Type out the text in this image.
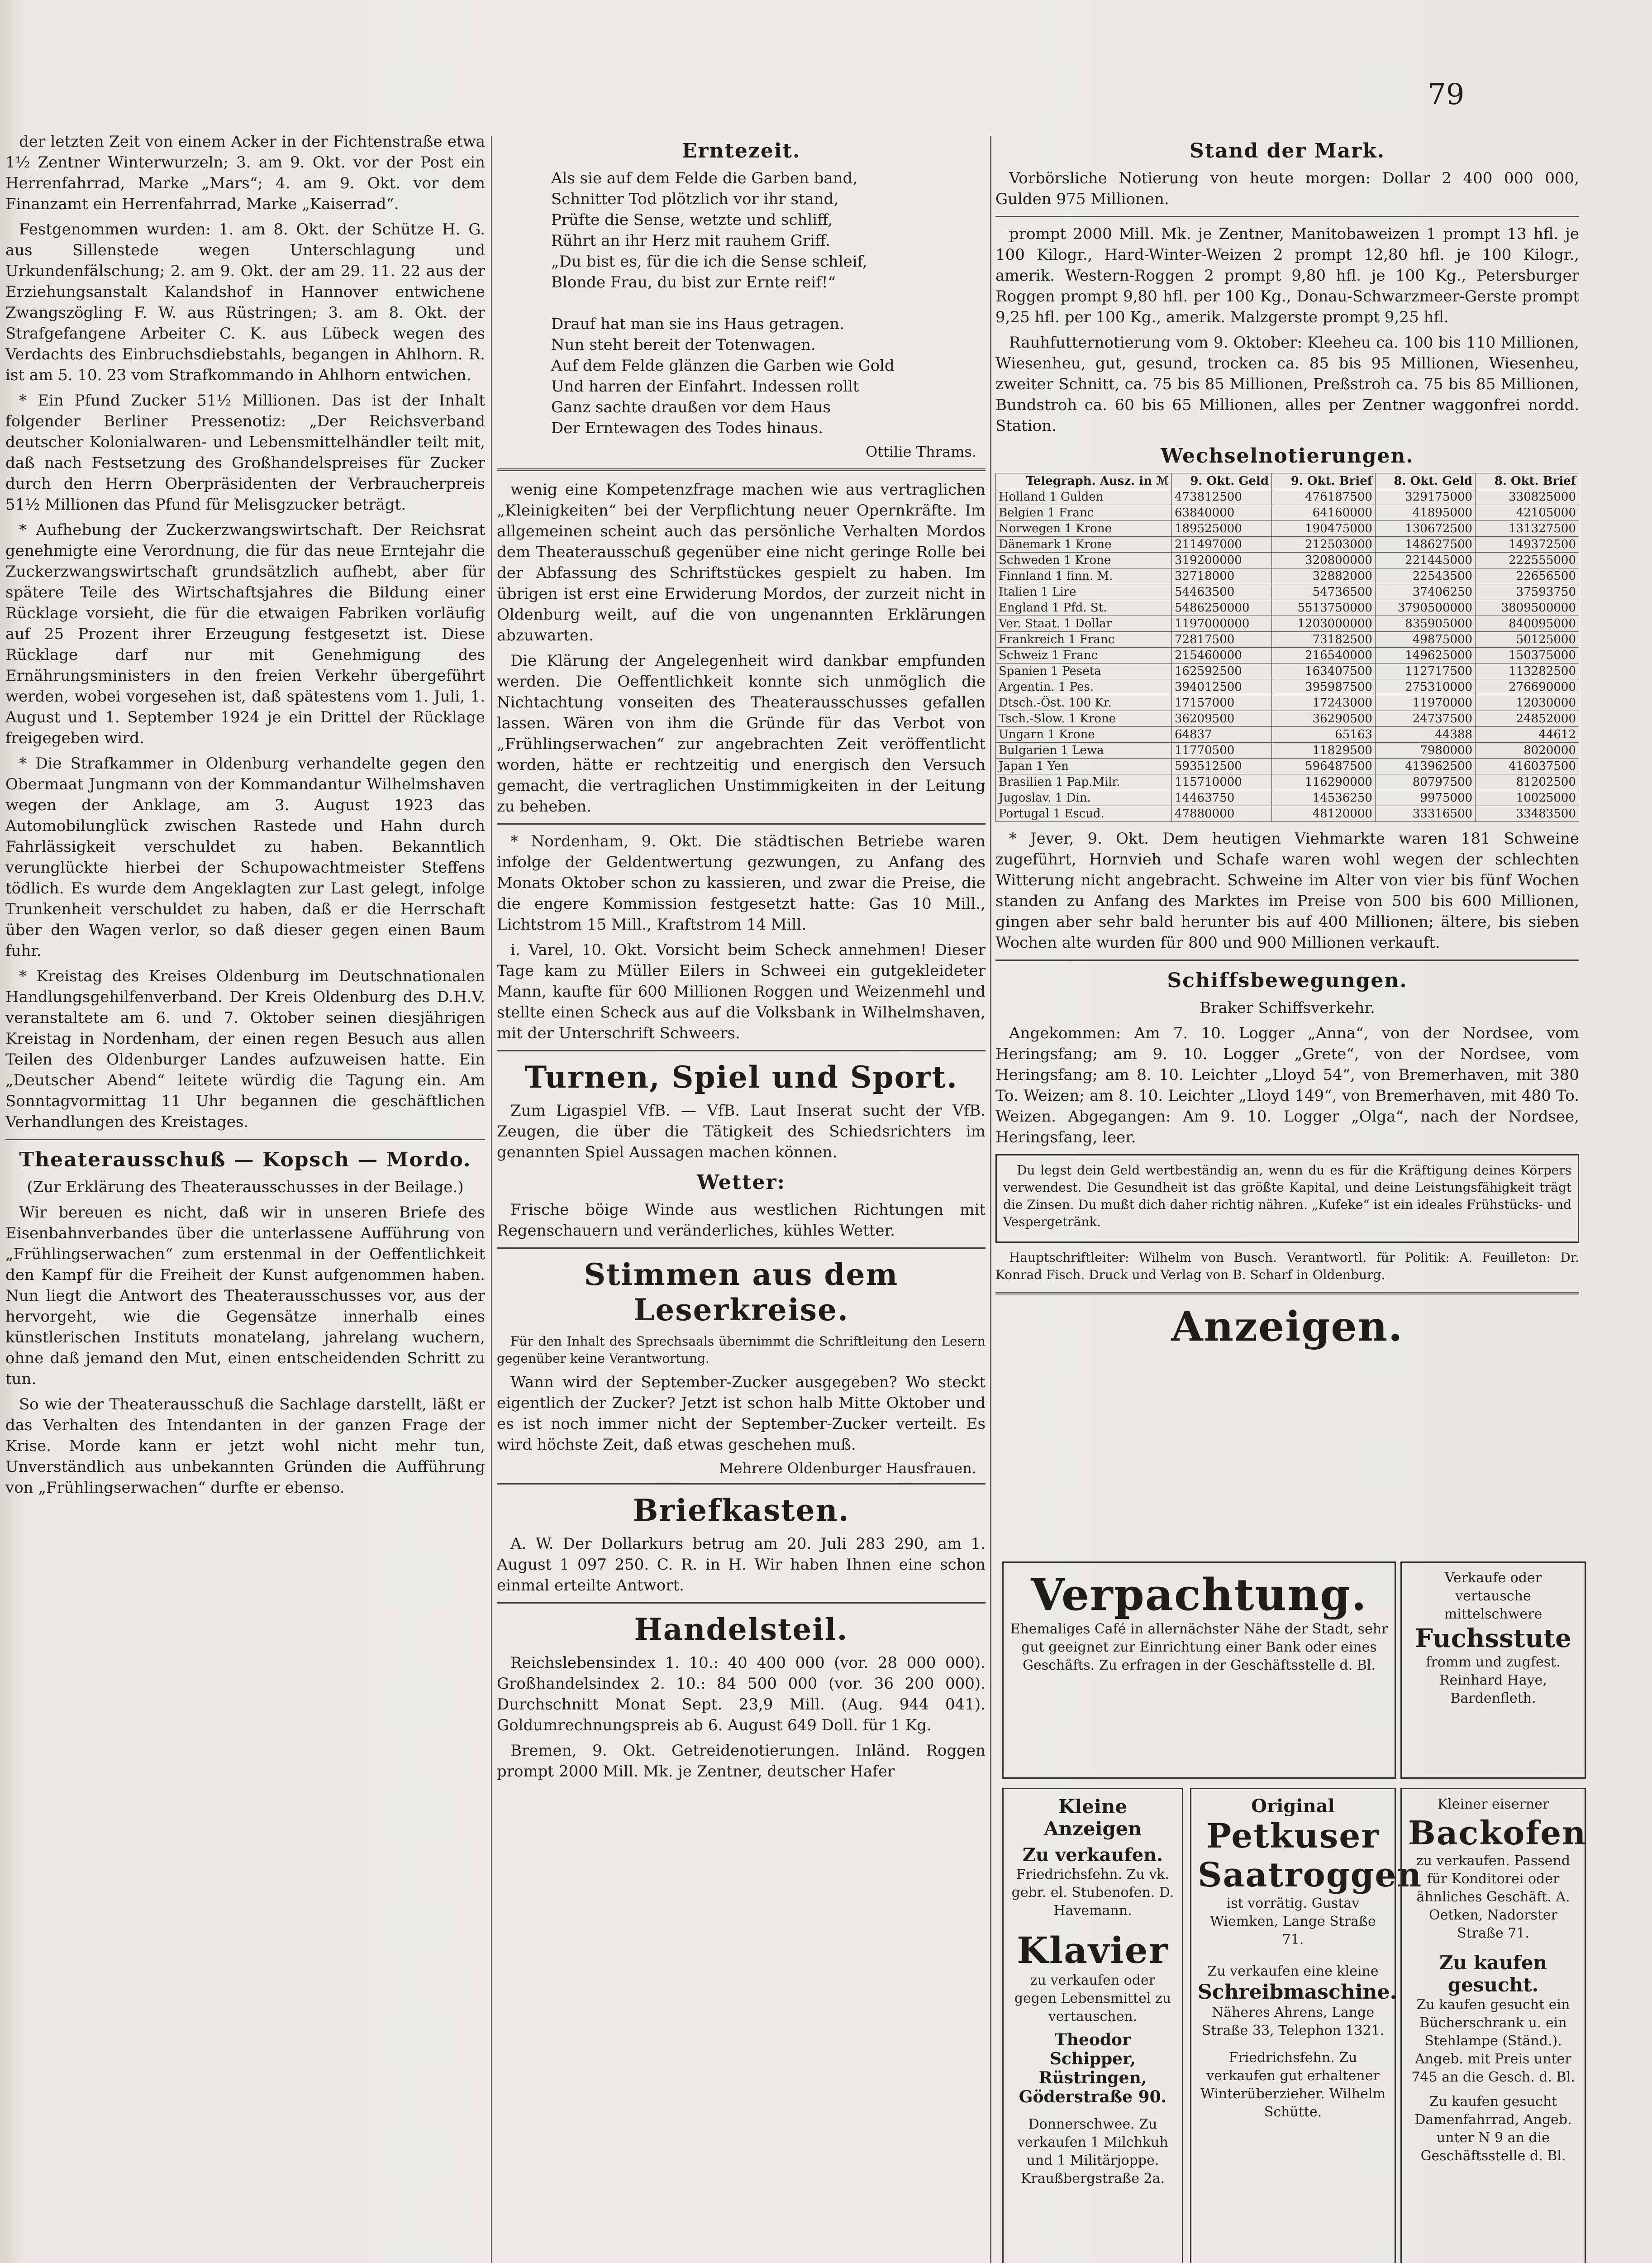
79

der letzten Zeit von einem Acker in der Fichtenstraße etwa 1½ Zentner Winterwurzeln; 3. am 9. Okt. vor der Post ein Herrenfahrrad, Marke „Mars“; 4. am 9. Okt. vor dem Finanzamt ein Herrenfahrrad, Marke „Kaiserrad“.

Festgenommen wurden: 1. am 8. Okt. der Schütze H. G. aus Sillenstede wegen Unterschlagung und Urkundenfälschung; 2. am 9. Okt. der am 29. 11. 22 aus der Erziehungsanstalt Kalandshof in Hannover entwichene Zwangszögling F. W. aus Rüstringen; 3. am 8. Okt. der Strafgefangene Arbeiter C. K. aus Lübeck wegen des Verdachts des Einbruchsdiebstahls, begangen in Ahlhorn. R. ist am 5. 10. 23 vom Strafkommando in Ahlhorn entwichen.

* Ein Pfund Zucker 51½ Millionen. Das ist der Inhalt folgender Berliner Pressenotiz: „Der Reichsverband deutscher Kolonialwaren- und Lebensmittelhändler teilt mit, daß nach Festsetzung des Großhandelspreises für Zucker durch den Herrn Oberpräsidenten der Verbraucherpreis 51½ Millionen das Pfund für Melisgzucker beträgt.

* Aufhebung der Zuckerzwangswirtschaft. Der Reichsrat genehmigte eine Verordnung, die für das neue Erntejahr die Zuckerzwangswirtschaft grundsätzlich aufhebt, aber für spätere Teile des Wirtschaftsjahres die Bildung einer Rücklage vorsieht, die für die etwaigen Fabriken vorläufig auf 25 Prozent ihrer Erzeugung festgesetzt ist. Diese Rücklage darf nur mit Genehmigung des Ernährungsministers in den freien Verkehr übergeführt werden, wobei vorgesehen ist, daß spätestens vom 1. Juli, 1. August und 1. September 1924 je ein Drittel der Rücklage freigegeben wird.

* Die Strafkammer in Oldenburg verhandelte gegen den Obermaat Jungmann von der Kommandantur Wilhelmshaven wegen der Anklage, am 3. August 1923 das Automobilunglück zwischen Rastede und Hahn durch Fahrlässigkeit verschuldet zu haben. Bekanntlich verunglückte hierbei der Schupowachtmeister Steffens tödlich. Es wurde dem Angeklagten zur Last gelegt, infolge Trunkenheit verschuldet zu haben, daß er die Herrschaft über den Wagen verlor, so daß dieser gegen einen Baum fuhr.

* Kreistag des Kreises Oldenburg im Deutschnationalen Handlungsgehilfenverband. Der Kreis Oldenburg des D.H.V. veranstaltete am 6. und 7. Oktober seinen diesjährigen Kreistag in Nordenham, der einen regen Besuch aus allen Teilen des Oldenburger Landes aufzuweisen hatte. Ein „Deutscher Abend“ leitete würdig die Tagung ein. Am Sonntagvormittag 11 Uhr begannen die geschäftlichen Verhandlungen des Kreistages.

Theaterausschuß — Kopsch — Mordo.

(Zur Erklärung des Theaterausschusses in der Beilage.)

Wir bereuen es nicht, daß wir in unseren Briefe des Eisenbahnverbandes über die unterlassene Aufführung von „Frühlingserwachen“ zum erstenmal in der Oeffentlichkeit den Kampf für die Freiheit der Kunst aufgenommen haben. Nun liegt die Antwort des Theaterausschusses vor, aus der hervorgeht, wie die Gegensätze innerhalb eines künstlerischen Instituts monatelang, jahrelang wuchern, ohne daß jemand den Mut, einen entscheidenden Schritt zu tun.

So wie der Theaterausschuß die Sachlage darstellt, läßt er das Verhalten des Intendanten in der ganzen Frage der Krise. Morde kann er jetzt wohl nicht mehr tun, Unverständlich aus unbekannten Gründen die Aufführung von „Frühlingserwachen“ durfte er ebenso.

Erntezeit.
Als sie auf dem Felde die Garben band,
Schnitter Tod plötzlich vor ihr stand,
Prüfte die Sense, wetzte und schliff,
Rührt an ihr Herz mit rauhem Griff.
„Du bist es, für die ich die Sense schleif,
Blonde Frau, du bist zur Ernte reif!“

Drauf hat man sie ins Haus getragen.
Nun steht bereit der Totenwagen.
Auf dem Felde glänzen die Garben wie Gold
Und harren der Einfahrt. Indessen rollt
Ganz sachte draußen vor dem Haus
Der Erntewagen des Todes hinaus.
Ottilie Thrams.

wenig eine Kompetenzfrage machen wie aus vertraglichen „Kleinigkeiten“ bei der Verpflichtung neuer Opernkräfte. Im allgemeinen scheint auch das persönliche Verhalten Mordos dem Theaterausschuß gegenüber eine nicht geringe Rolle bei der Abfassung des Schriftstückes gespielt zu haben. Im übrigen ist erst eine Erwiderung Mordos, der zurzeit nicht in Oldenburg weilt, auf die von ungenannten Erklärungen abzuwarten.

Die Klärung der Angelegenheit wird dankbar empfunden werden. Die Oeffentlichkeit konnte sich unmöglich die Nichtachtung vonseiten des Theaterausschusses gefallen lassen. Wären von ihm die Gründe für das Verbot von „Frühlingserwachen“ zur angebrachten Zeit veröffentlicht worden, hätte er rechtzeitig und energisch den Versuch gemacht, die vertraglichen Unstimmigkeiten in der Leitung zu beheben.

* Nordenham, 9. Okt. Die städtischen Betriebe waren infolge der Geldentwertung gezwungen, zu Anfang des Monats Oktober schon zu kassieren, und zwar die Preise, die die engere Kommission festgesetzt hatte: Gas 10 Mill., Lichtstrom 15 Mill., Kraftstrom 14 Mill.

i. Varel, 10. Okt. Vorsicht beim Scheck annehmen! Dieser Tage kam zu Müller Eilers in Schweei ein gutgekleideter Mann, kaufte für 600 Millionen Roggen und Weizenmehl und stellte einen Scheck aus auf die Volksbank in Wilhelmshaven, mit der Unterschrift Schweers.

Turnen, Spiel und Sport.

Zum Ligaspiel VfB. — VfB. Laut Inserat sucht der VfB. Zeugen, die über die Tätigkeit des Schiedsrichters im genannten Spiel Aussagen machen können.

Wetter:

Frische böige Winde aus westlichen Richtungen mit Regenschauern und veränderliches, kühles Wetter.

Stimmen aus dem Leserkreise.

Für den Inhalt des Sprechsaals übernimmt die Schriftleitung den Lesern gegenüber keine Verantwortung.

Wann wird der September-Zucker ausgegeben? Wo steckt eigentlich der Zucker? Jetzt ist schon halb Mitte Oktober und es ist noch immer nicht der September-Zucker verteilt. Es wird höchste Zeit, daß etwas geschehen muß.

Mehrere Oldenburger Hausfrauen.
Briefkasten.

A. W. Der Dollarkurs betrug am 20. Juli 283 290, am 1. August 1 097 250. C. R. in H. Wir haben Ihnen eine schon einmal erteilte Antwort.

Handelsteil.

Reichslebensindex 1. 10.: 40 400 000 (vor. 28 000 000). Großhandelsindex 2. 10.: 84 500 000 (vor. 36 200 000). Durchschnitt Monat Sept. 23,9 Mill. (Aug. 944 041). Goldumrechnungspreis ab 6. August 649 Doll. für 1 Kg.

Bremen, 9. Okt. Getreidenotierungen. Inländ. Roggen prompt 2000 Mill. Mk. je Zentner, deutscher Hafer

Stand der Mark.

Vorbörsliche Notierung von heute morgen: Dollar 2 400 000 000, Gulden 975 Millionen.

prompt 2000 Mill. Mk. je Zentner, Manitobaweizen 1 prompt 13 hfl. je 100 Kilogr., Hard-Winter-Weizen 2 prompt 12,80 hfl. je 100 Kilogr., amerik. Western-Roggen 2 prompt 9,80 hfl. je 100 Kg., Petersburger Roggen prompt 9,80 hfl. per 100 Kg., Donau-Schwarzmeer-Gerste prompt 9,25 hfl. per 100 Kg., amerik. Malzgerste prompt 9,25 hfl.

Rauhfutternotierung vom 9. Oktober: Kleeheu ca. 100 bis 110 Millionen, Wiesenheu, gut, gesund, trocken ca. 85 bis 95 Millionen, Wiesenheu, zweiter Schnitt, ca. 75 bis 85 Millionen, Preßstroh ca. 75 bis 85 Millionen, Bundstroh ca. 60 bis 65 Millionen, alles per Zentner waggonfrei nordd. Station.

Wechselnotierungen.
Telegraph. Ausz. in ℳ	9. Okt. Geld	9. Okt. Brief	8. Okt. Geld	8. Okt. Brief
Holland 1 Gulden	473812500	476187500	329175000	330825000
Belgien 1 Franc	63840000	64160000	41895000	42105000
Norwegen 1 Krone	189525000	190475000	130672500	131327500
Dänemark 1 Krone	211497000	212503000	148627500	149372500
Schweden 1 Krone	319200000	320800000	221445000	222555000
Finnland 1 finn. M.	32718000	32882000	22543500	22656500
Italien 1 Lire	54463500	54736500	37406250	37593750
England 1 Pfd. St.	5486250000	5513750000	3790500000	3809500000
Ver. Staat. 1 Dollar	1197000000	1203000000	835905000	840095000
Frankreich 1 Franc	72817500	73182500	49875000	50125000
Schweiz 1 Franc	215460000	216540000	149625000	150375000
Spanien 1 Peseta	162592500	163407500	112717500	113282500
Argentin. 1 Pes.	394012500	395987500	275310000	276690000
Dtsch.-Öst. 100 Kr.	17157000	17243000	11970000	12030000
Tsch.-Slow. 1 Krone	36209500	36290500	24737500	24852000
Ungarn 1 Krone	64837	65163	44388	44612
Bulgarien 1 Lewa	11770500	11829500	7980000	8020000
Japan 1 Yen	593512500	596487500	413962500	416037500
Brasilien 1 Pap.Milr.	115710000	116290000	80797500	81202500
Jugoslav. 1 Din.	14463750	14536250	9975000	10025000
Portugal 1 Escud.	47880000	48120000	33316500	33483500

* Jever, 9. Okt. Dem heutigen Viehmarkte waren 181 Schweine zugeführt, Hornvieh und Schafe waren wohl wegen der schlechten Witterung nicht angebracht. Schweine im Alter von vier bis fünf Wochen standen zu Anfang des Marktes im Preise von 500 bis 600 Millionen, gingen aber sehr bald herunter bis auf 400 Millionen; ältere, bis sieben Wochen alte wurden für 800 und 900 Millionen verkauft.

Schiffsbewegungen.

Braker Schiffsverkehr.

Angekommen: Am 7. 10. Logger „Anna“, von der Nordsee, vom Heringsfang; am 9. 10. Logger „Grete“, von der Nordsee, vom Heringsfang; am 8. 10. Leichter „Lloyd 54“, von Bremerhaven, mit 380 To. Weizen; am 8. 10. Leichter „Lloyd 149“, von Bremerhaven, mit 480 To. Weizen. Abgegangen: Am 9. 10. Logger „Olga“, nach der Nordsee, Heringsfang, leer.

Du legst dein Geld wertbeständig an, wenn du es für die Kräftigung deines Körpers verwendest. Die Gesundheit ist das größte Kapital, und deine Leistungsfähigkeit trägt die Zinsen. Du mußt dich daher richtig nähren. „Kufeke“ ist ein ideales Frühstücks- und Vespergetränk.

Hauptschriftleiter: Wilhelm von Busch. Verantwortl. für Politik: A. Feuilleton: Dr. Konrad Fisch. Druck und Verlag von B. Scharf in Oldenburg.

Anzeigen.
Verpachtung.
Ehemaliges Café in allernächster Nähe der Stadt, sehr gut geeignet zur Einrichtung einer Bank oder eines Geschäfts. Zu erfragen in der Geschäftsstelle d. Bl.
Verkaufe oder vertausche mittelschwere
Fuchsstute
fromm und zugfest. Reinhard Haye, Bardenfleth.
Kleine Anzeigen
Zu verkaufen.
Friedrichsfehn. Zu vk. gebr. el. Stubenofen. D. Havemann.
Klavier
zu verkaufen oder gegen Lebensmittel zu vertauschen.
Theodor Schipper, Rüstringen, Göderstraße 90.
Donnerschwee. Zu verkaufen 1 Milchkuh und 1 Militärjoppe. Kraußbergstraße 2a.
Original
Petkuser Saatroggen
ist vorrätig. Gustav Wiemken, Lange Straße 71.
Zu verkaufen eine kleine
Schreibmaschine.
Näheres Ahrens, Lange Straße 33, Telephon 1321.
Friedrichsfehn. Zu verkaufen gut erhaltener Winterüberzieher. Wilhelm Schütte.
Kleiner eiserner
Backofen
zu verkaufen. Passend für Konditorei oder ähnliches Geschäft. A. Oetken, Nadorster Straße 71.
Zu kaufen gesucht.
Zu kaufen gesucht ein Bücherschrank u. ein Stehlampe (Ständ.). Angeb. mit Preis unter 745 an die Gesch. d. Bl.
Zu kaufen gesucht Damenfahrrad, Angeb. unter N 9 an die Geschäftsstelle d. Bl.
